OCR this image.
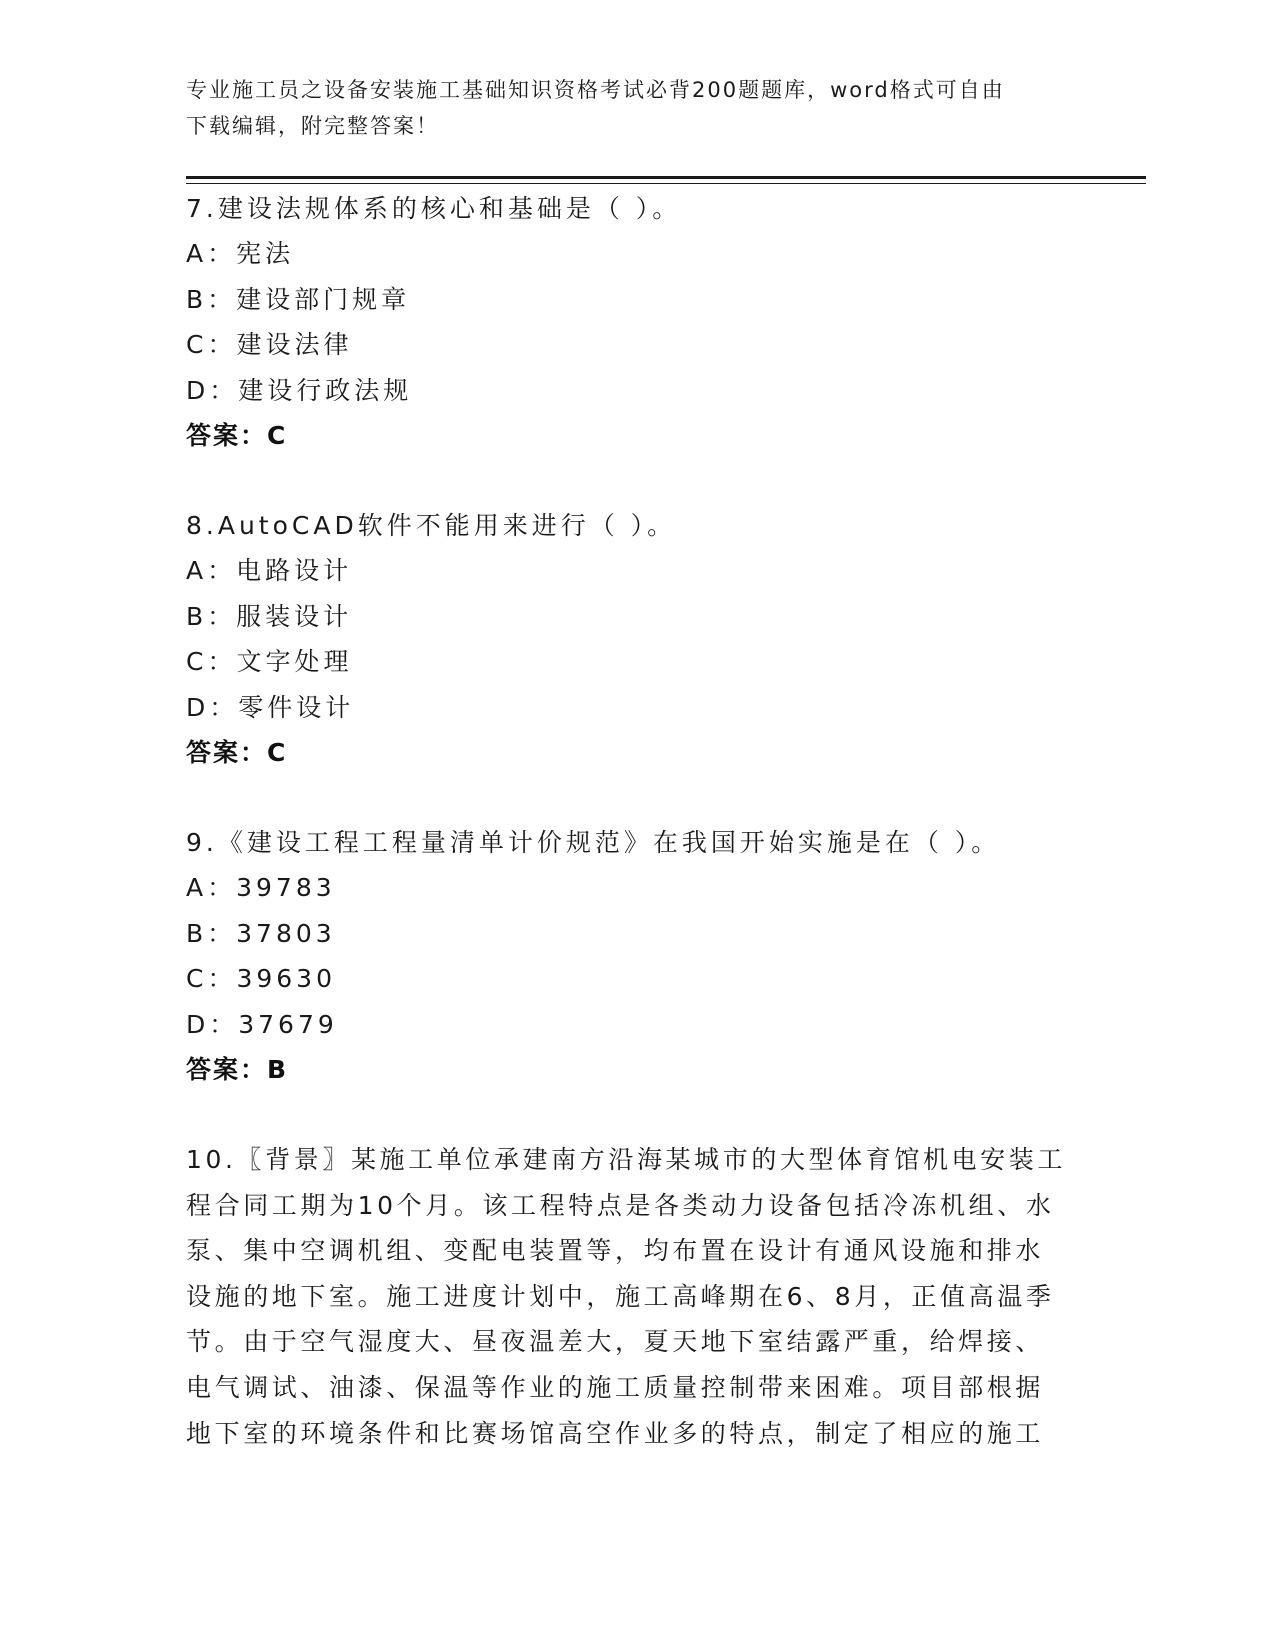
专业施工员之设备安装施工基础知识资格考试必背200题题库，word格式可自由
下载编辑，附完整答案！
7.建设法规体系的核心和基础是（ ）。
A：宪法
B：建设部门规章
C：建设法律
D：建设行政法规
答案：C
8.AutoCAD软件不能用来进行（ ）。
A：电路设计
B：服装设计
C：文字处理
D：零件设计
答案：C
9.《建设工程工程量清单计价规范》在我国开始实施是在（ ）。
A：39783
B：37803
C：39630
D：37679
答案：B
10.〖背景〗某施工单位承建南方沿海某城市的大型体育馆机电安装工
程合同工期为10个月。该工程特点是各类动力设备包括冷冻机组、水
泵、集中空调机组、变配电装置等，均布置在设计有通风设施和排水
设施的地下室。施工进度计划中，施工高峰期在6、8月，正值高温季
节。由于空气湿度大、昼夜温差大，夏天地下室结露严重，给焊接、
电气调试、油漆、保温等作业的施工质量控制带来困难。项目部根据
地下室的环境条件和比赛场馆高空作业多的特点，制定了相应的施工
